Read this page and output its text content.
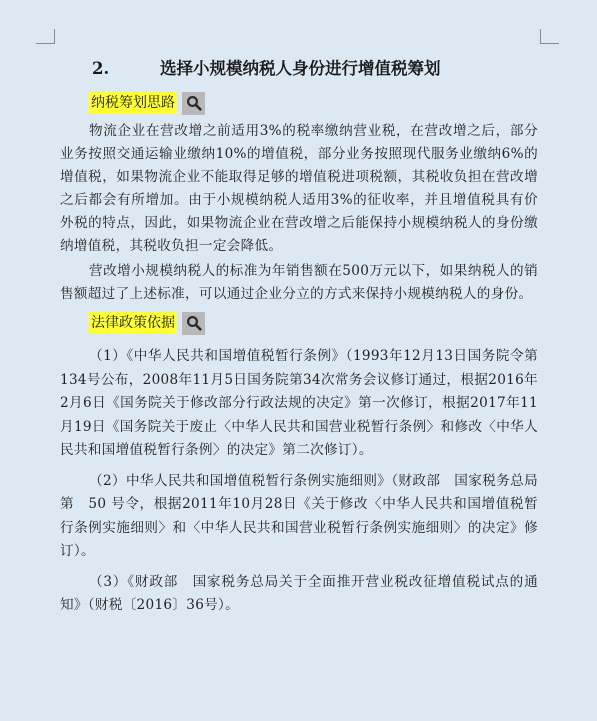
2.	选择小规模纳税人身份进行增值税筹划
纳税筹划思路

物流企业在营改增之前适用3%的税率缴纳营业税，在营改增之后，部分业务按照交通运输业缴纳10%的增值税，部分业务按照现代服务业缴纳6%的增值税，如果物流企业不能取得足够的增值税进项税额，其税收负担在营改增之后都会有所增加。由于小规模纳税人适用3%的征收率，并且增值税具有价外税的特点，因此，如果物流企业在营改增之后能保持小规模纳税人的身份缴纳增值税，其税收负担一定会降低。

营改增小规模纳税人的标准为年销售额在500万元以下，如果纳税人的销售额超过了上述标准，可以通过企业分立的方式来保持小规模纳税人的身份。

法律政策依据

（1）《中华人民共和国增值税暂行条例》（1993年12月13日国务院令第134号公布，2008年11月5日国务院第34次常务会议修订通过，根据2016年2月6日《国务院关于修改部分行政法规的决定》第一次修订，根据2017年11月19日《国务院关于废止〈中华人民共和国营业税暂行条例〉和修改〈中华人民共和国增值税暂行条例〉的决定》第二次修订）。

（2）中华人民共和国增值税暂行条例实施细则》（财政部　国家税务总局第　50 号令，根据2011年10月28日《关于修改〈中华人民共和国增值税暂行条例实施细则〉和〈中华人民共和国营业税暂行条例实施细则〉的决定》修订）。

（3）《财政部　国家税务总局关于全面推开营业税改征增值税试点的通知》（财税〔2016〕36号）。
